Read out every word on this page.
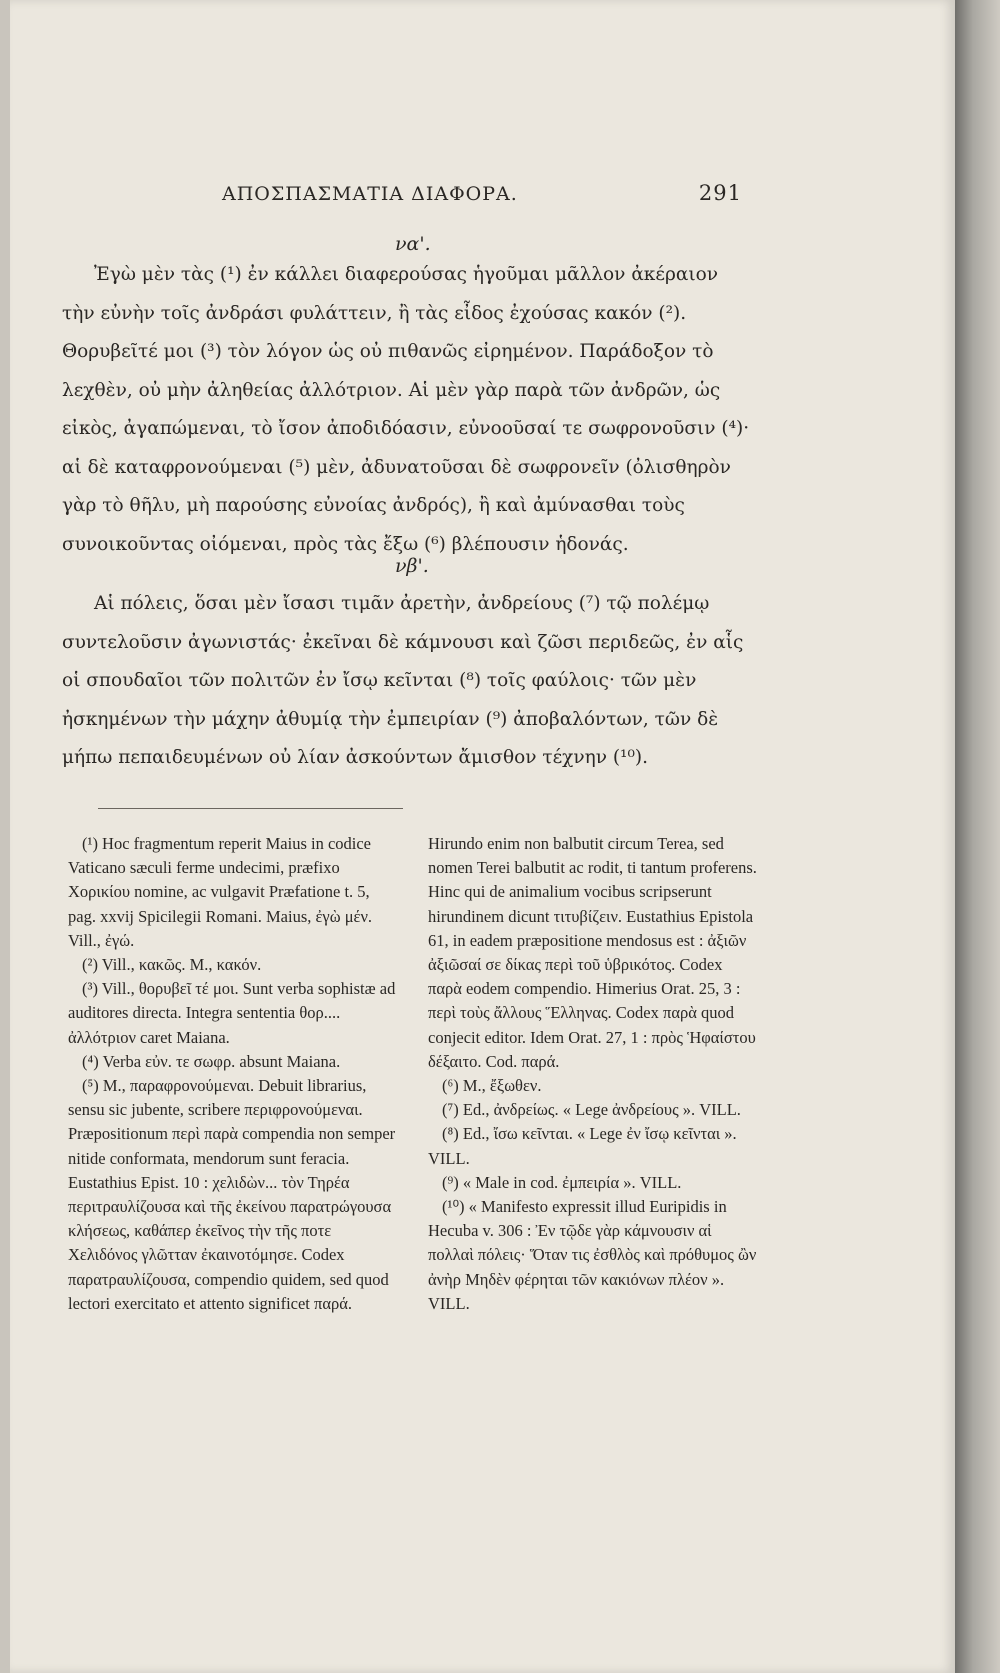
ΑΠΟΣΠΑΣΜΑΤΙΑ ΔΙΑΦΟΡΑ.	291
να'.

Ἐγὼ μὲν τὰς (¹) ἐν κάλλει διαφερούσας ἡγοῦμαι μᾶλλον ἀκέραιον τὴν εὐνὴν τοῖς ἀνδράσι φυλάττειν, ἢ τὰς εἶδος ἐχούσας κακόν (²). Θορυβεῖτέ μοι (³) τὸν λόγον ὡς οὐ πιθανῶς εἰρημένον. Παράδοξον τὸ λεχθὲν, οὐ μὴν ἀληθείας ἀλλότριον. Αἱ μὲν γὰρ παρὰ τῶν ἀνδρῶν, ὡς εἰκὸς, ἀγαπώμεναι, τὸ ἴσον ἀποδιδόασιν, εὐνοοῦσαί τε σωφρονοῦσιν (⁴)· αἱ δὲ καταφρονούμεναι (⁵) μὲν, ἀδυνατοῦσαι δὲ σωφρονεῖν (ὀλισθηρὸν γὰρ τὸ θῆλυ, μὴ παρούσης εὐνοίας ἀνδρός), ἢ καὶ ἀμύνασθαι τοὺς συνοικοῦντας οἰόμεναι, πρὸς τὰς ἔξω (⁶) βλέπουσιν ἡδονάς.

νβ'.

Αἱ πόλεις, ὅσαι μὲν ἴσασι τιμᾶν ἀρετὴν, ἀνδρείους (⁷) τῷ πολέμῳ συντελοῦσιν ἀγωνιστάς· ἐκεῖναι δὲ κάμνουσι καὶ ζῶσι περιδεῶς, ἐν αἷς οἱ σπουδαῖοι τῶν πολιτῶν ἐν ἴσῳ κεῖνται (⁸) τοῖς φαύλοις· τῶν μὲν ἠσκημένων τὴν μάχην ἀθυμίᾳ τὴν ἐμπειρίαν (⁹) ἀποβαλόντων, τῶν δὲ μήπω πεπαιδευμένων οὐ λίαν ἀσκούντων ἄμισθον τέχνην (¹⁰).

(¹) Hoc fragmentum reperit Maius in codice Vaticano sæculi ferme undecimi, præfixo Χορικίου nomine, ac vulgavit Præfatione t. 5, pag. xxvij Spicilegii Romani. Maius, ἐγὼ μέν. Vill., ἐγώ.

(²) Vill., κακῶς. M., κακόν.

(³) Vill., θορυβεῖ τέ μοι. Sunt verba sophistæ ad auditores directa. Integra sententia θορ.... ἀλλότριον caret Maiana.

(⁴) Verba εὐν. τε σωφρ. absunt Maiana.

(⁵) M., παραφρονούμεναι. Debuit librarius, sensu sic jubente, scribere περιφρονούμεναι. Præpositionum περὶ παρὰ compendia non semper nitide conformata, mendorum sunt feracia. Eustathius Epist. 10 : χελιδὼν... τὸν Τηρέα περιτραυλίζουσα καὶ τῆς ἐκείνου παρατρώγουσα κλήσεως, καθάπερ ἐκεῖνος τὴν τῆς ποτε Χελιδόνος γλῶτταν ἐκαινοτόμησε. Codex παρατραυλίζουσα, compendio quidem, sed quod lectori exercitato et attento significet παρά.

Hirundo enim non balbutit circum Terea, sed nomen Terei balbutit ac rodit, ti tantum proferens. Hinc qui de animalium vocibus scripserunt hirundinem dicunt τιτυβίζειν. Eustathius Epistola 61, in eadem præpositione mendosus est : ἀξιῶν ἀξιῶσαί σε δίκας περὶ τοῦ ὑβρικότος. Codex παρὰ eodem compendio. Himerius Orat. 25, 3 : περὶ τοὺς ἄλλους Ἕλληνας. Codex παρὰ quod conjecit editor. Idem Orat. 27, 1 : πρὸς Ἡφαίστου δέξαιτο. Cod. παρά.

(⁶) M., ἔξωθεν.

(⁷) Ed., ἀνδρείως. « Lege ἀνδρείους ». VILL.

(⁸) Ed., ἴσω κεῖνται. « Lege ἐν ἴσῳ κεῖνται ». VILL.

(⁹) « Male in cod. ἐμπειρία ». VILL.

(¹⁰) « Manifesto expressit illud Euripidis in Hecuba v. 306 : Ἐν τῷδε γὰρ κάμνουσιν αἱ πολλαὶ πόλεις· Ὅταν τις ἐσθλὸς καὶ πρόθυμος ὢν ἀνὴρ Μηδὲν φέρηται τῶν κακιόνων πλέον ». VILL.
